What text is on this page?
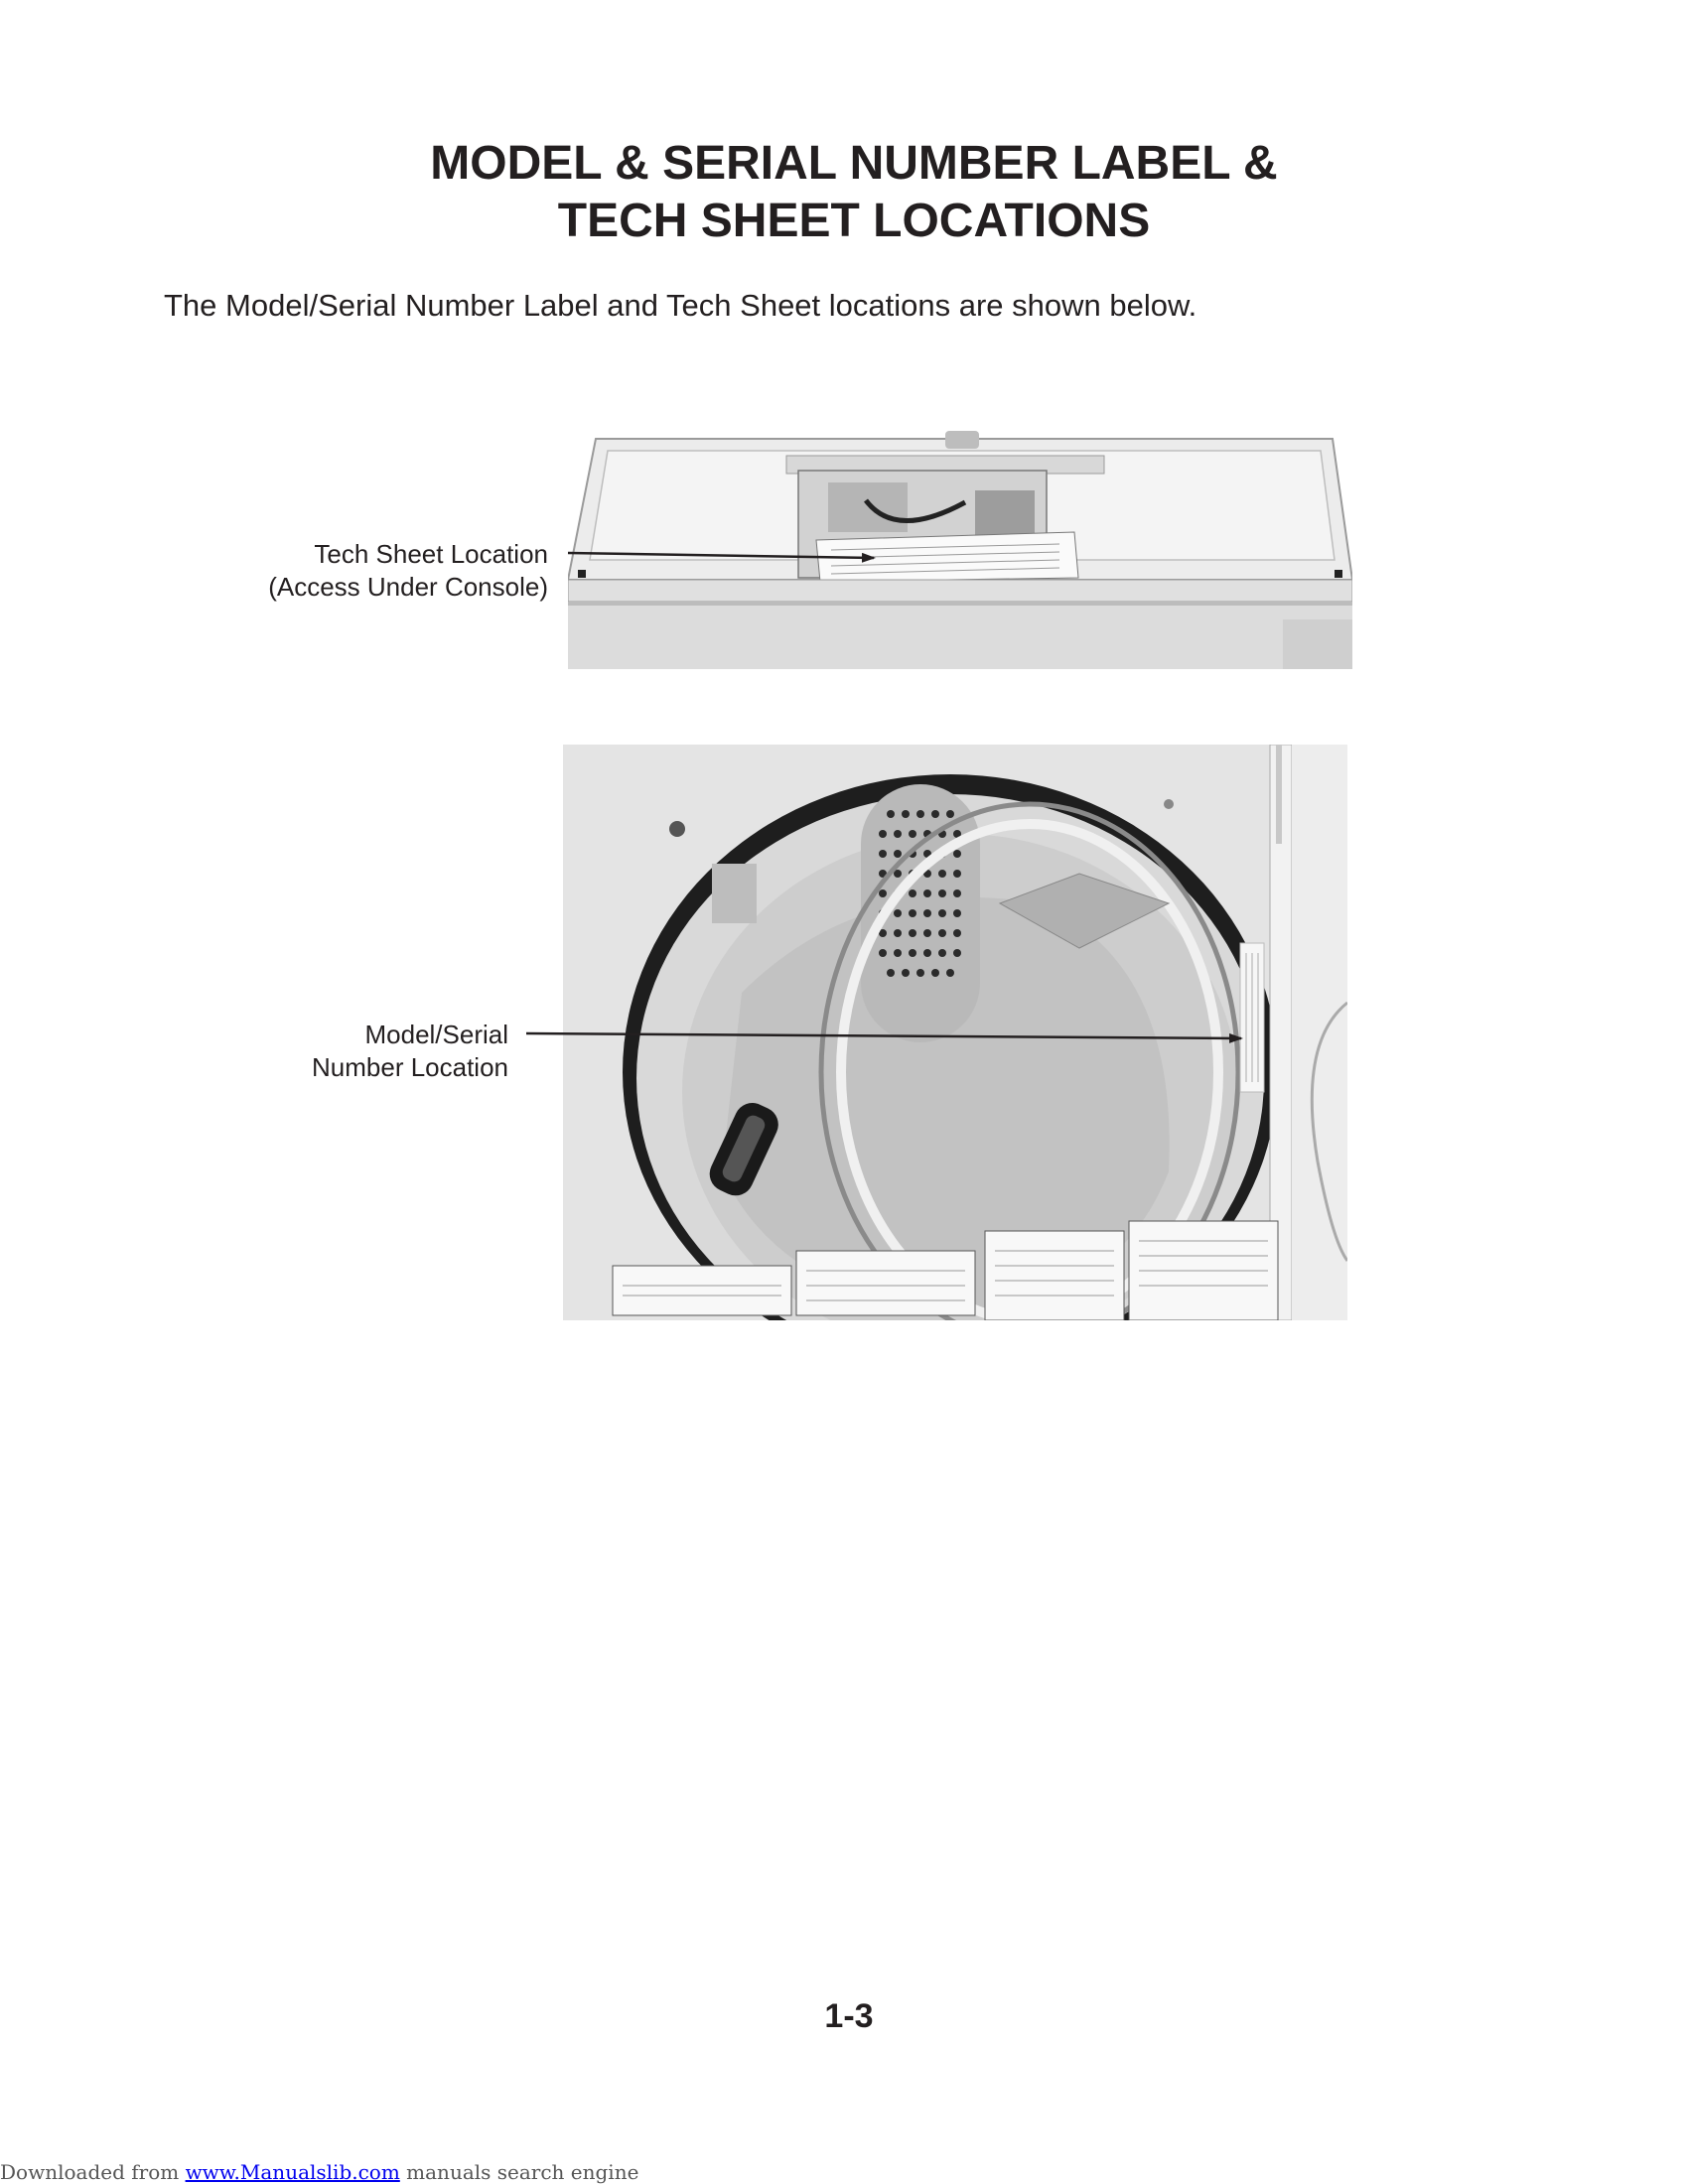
MODEL & SERIAL NUMBER LABEL &
TECH SHEET LOCATIONS

The Model/Serial Number Label and Tech Sheet locations are shown below.

Tech Sheet Location
(Access Under Console)
Model/Serial
Number Location
1-3
Downloaded from www.Manualslib.com manuals search engine
